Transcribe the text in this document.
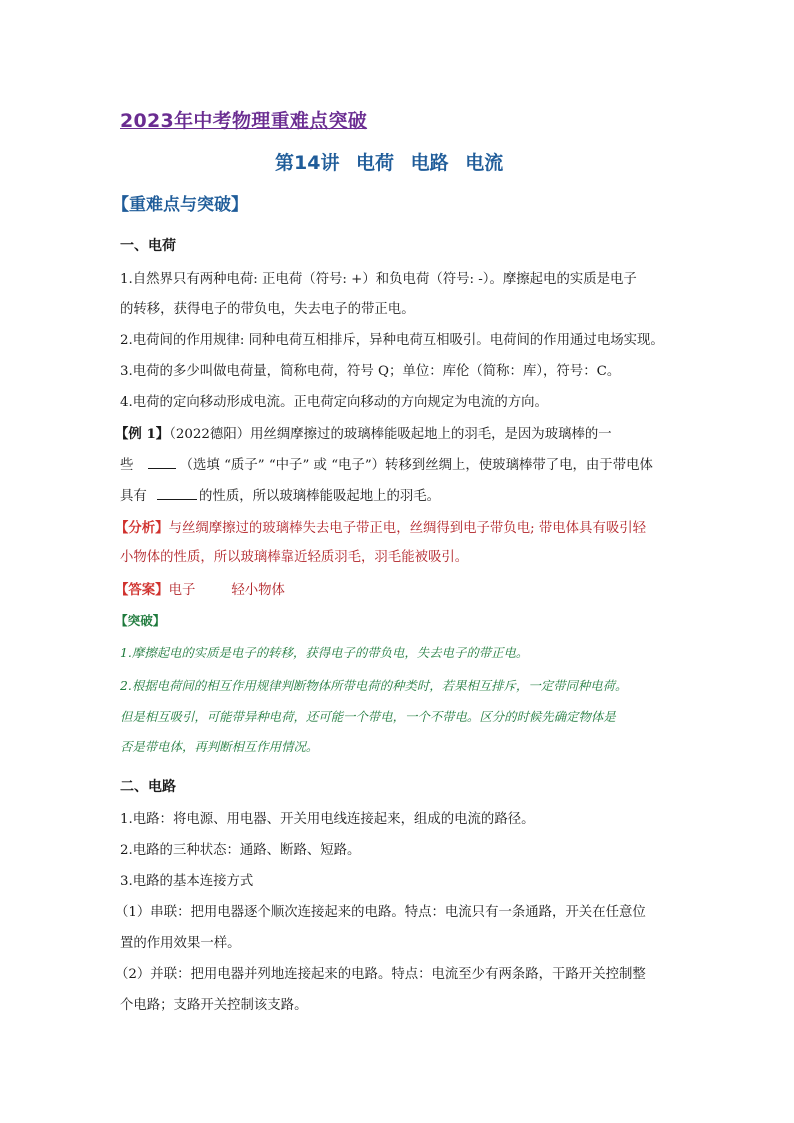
2023年中考物理重难点突破
第14讲 电荷 电路 电流
【重难点与突破】
一、电荷
1.自然界只有两种电荷: 正电荷（符号: +）和负电荷（符号: -）。摩擦起电的实质是电子
的转移，获得电子的带负电，失去电子的带正电。
2.电荷间的作用规律: 同种电荷互相排斥，异种电荷互相吸引。电荷间的作用通过电场实现。
3.电荷的多少叫做电荷量，简称电荷，符号 Q；单位：库伦（简称：库），符号：C。
4.电荷的定向移动形成电流。正电荷定向移动的方向规定为电流的方向。
【例 1】（2022德阳）用丝绸摩擦过的玻璃棒能吸起地上的羽毛，是因为玻璃棒的一
些	（选填 “质子” “中子” 或 “电子”）转移到丝绸上，使玻璃棒带了电，由于带电体
具有	的性质，所以玻璃棒能吸起地上的羽毛。
【分析】与丝绸摩擦过的玻璃棒失去电子带正电，丝绸得到电子带负电; 带电体具有吸引轻
小物体的性质，所以玻璃棒靠近轻质羽毛，羽毛能被吸引。
【答案】电子	轻小物体
【突破】
1.摩擦起电的实质是电子的转移，获得电子的带负电，失去电子的带正电。
2.根据电荷间的相互作用规律判断物体所带电荷的种类时，若果相互排斥，一定带同种电荷。
但是相互吸引，可能带异种电荷，还可能一个带电，一个不带电。区分的时候先确定物体是
否是带电体，再判断相互作用情况。
二、电路
1.电路：将电源、用电器、开关用电线连接起来，组成的电流的路径。
2.电路的三种状态：通路、断路、短路。
3.电路的基本连接方式
（1）串联：把用电器逐个顺次连接起来的电路。特点：电流只有一条通路，开关在任意位
置的作用效果一样。
（2）并联：把用电器并列地连接起来的电路。特点：电流至少有两条路，干路开关控制整
个电路；支路开关控制该支路。
